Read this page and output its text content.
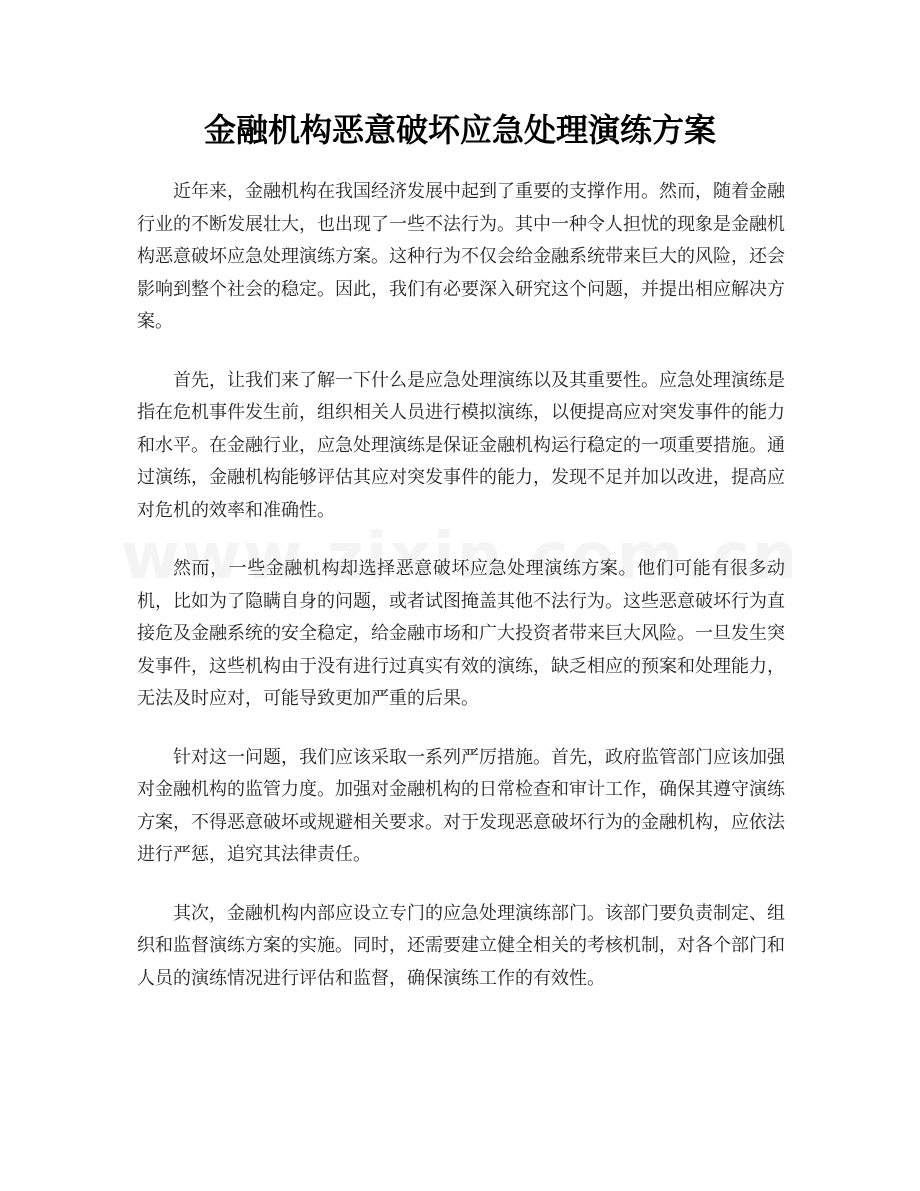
金融机构恶意破坏应急处理演练方案

近年来，金融机构在我国经济发展中起到了重要的支撑作用。然而，随着金融行业的不断发展壮大，也出现了一些不法行为。其中一种令人担忧的现象是金融机构恶意破坏应急处理演练方案。这种行为不仅会给金融系统带来巨大的风险，还会影响到整个社会的稳定。因此，我们有必要深入研究这个问题，并提出相应解决方案。

首先，让我们来了解一下什么是应急处理演练以及其重要性。应急处理演练是指在危机事件发生前，组织相关人员进行模拟演练，以便提高应对突发事件的能力和水平。在金融行业，应急处理演练是保证金融机构运行稳定的一项重要措施。通过演练，金融机构能够评估其应对突发事件的能力，发现不足并加以改进，提高应对危机的效率和准确性。

然而，一些金融机构却选择恶意破坏应急处理演练方案。他们可能有很多动机，比如为了隐瞒自身的问题，或者试图掩盖其他不法行为。这些恶意破坏行为直接危及金融系统的安全稳定，给金融市场和广大投资者带来巨大风险。一旦发生突发事件，这些机构由于没有进行过真实有效的演练，缺乏相应的预案和处理能力，无法及时应对，可能导致更加严重的后果。

针对这一问题，我们应该采取一系列严厉措施。首先，政府监管部门应该加强对金融机构的监管力度。加强对金融机构的日常检查和审计工作，确保其遵守演练方案，不得恶意破坏或规避相关要求。对于发现恶意破坏行为的金融机构，应依法进行严惩，追究其法律责任。

其次，金融机构内部应设立专门的应急处理演练部门。该部门要负责制定、组织和监督演练方案的实施。同时，还需要建立健全相关的考核机制，对各个部门和人员的演练情况进行评估和监督，确保演练工作的有效性。
